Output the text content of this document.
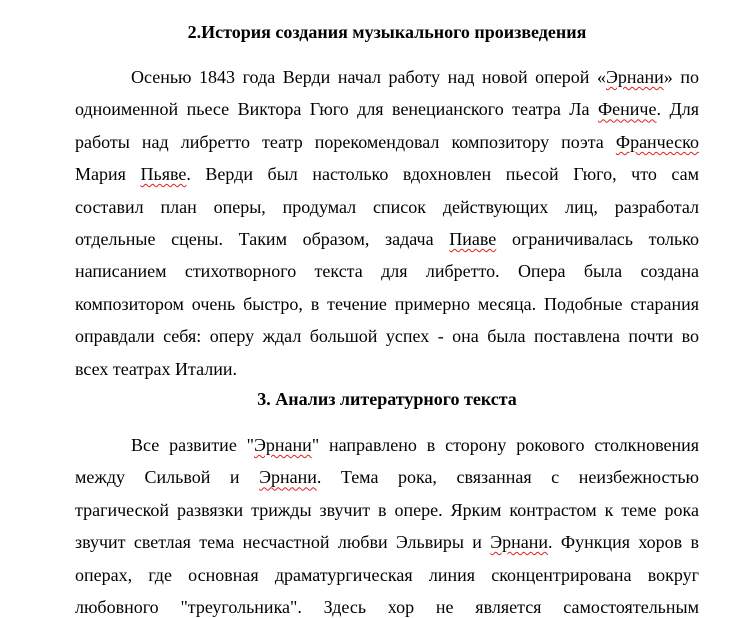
2.История создания музыкального произведения
Осенью 1843 года Верди начал работу над новой оперой «Эрнани» по
одноименной пьесе Виктора Гюго для венецианского театра Ла Фениче. Для
работы над либретто театр порекомендовал композитору поэта Франческо
Мария Пьяве. Верди был настолько вдохновлен пьесой Гюго, что сам
составил план оперы, продумал список действующих лиц, разработал
отдельные сцены. Таким образом, задача Пиаве ограничивалась только
написанием стихотворного текста для либретто. Опера была создана
композитором очень быстро, в течение примерно месяца. Подобные старания
оправдали себя: оперу ждал большой успех - она была поставлена почти во
всех театрах Италии.
3. Анализ литературного текста
Все развитие "Эрнани" направлено в сторону рокового столкновения
между Сильвой и Эрнани. Тема рока, связанная с неизбежностью
трагической развязки трижды звучит в опере. Ярким контрастом к теме рока
звучит светлая тема несчастной любви Эльвиры и Эрнани. Функция хоров в
операх, где основная драматургическая линия сконцентрирована вокруг
любовного "треугольника". Здесь хор не является самостоятельным
